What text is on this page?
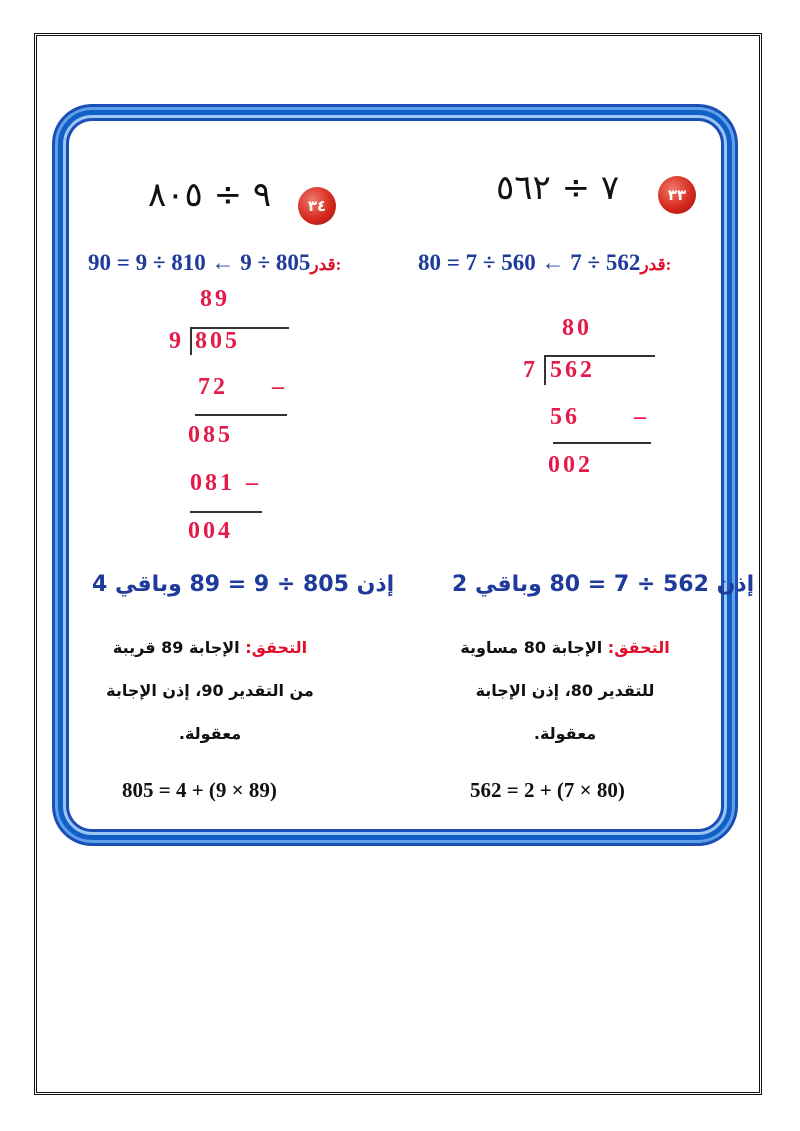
٣٣
٧ ÷ ٥٦٢
80 = 7 ÷ 560 ← 7 ÷ 562قدر:
80
7 562
56 –
002
إذن 562 ÷ 7 = 80 وباقي 2
التحقق: الإجابة 80 مساوية
للتقدير 80، إذن الإجابة
معقولة.
562 = 2 + (7 × 80)
٣٤
٩ ÷ ٨٠٥
90 = 9 ÷ 810 ← 9 ÷ 805قدر:
89
9 805
72 –
085
081 –
004
إذن 805 ÷ 9 = 89 وباقي 4
التحقق: الإجابة 89 قريبة
من التقدير 90، إذن الإجابة
معقولة.
805 = 4 + (9 × 89)
